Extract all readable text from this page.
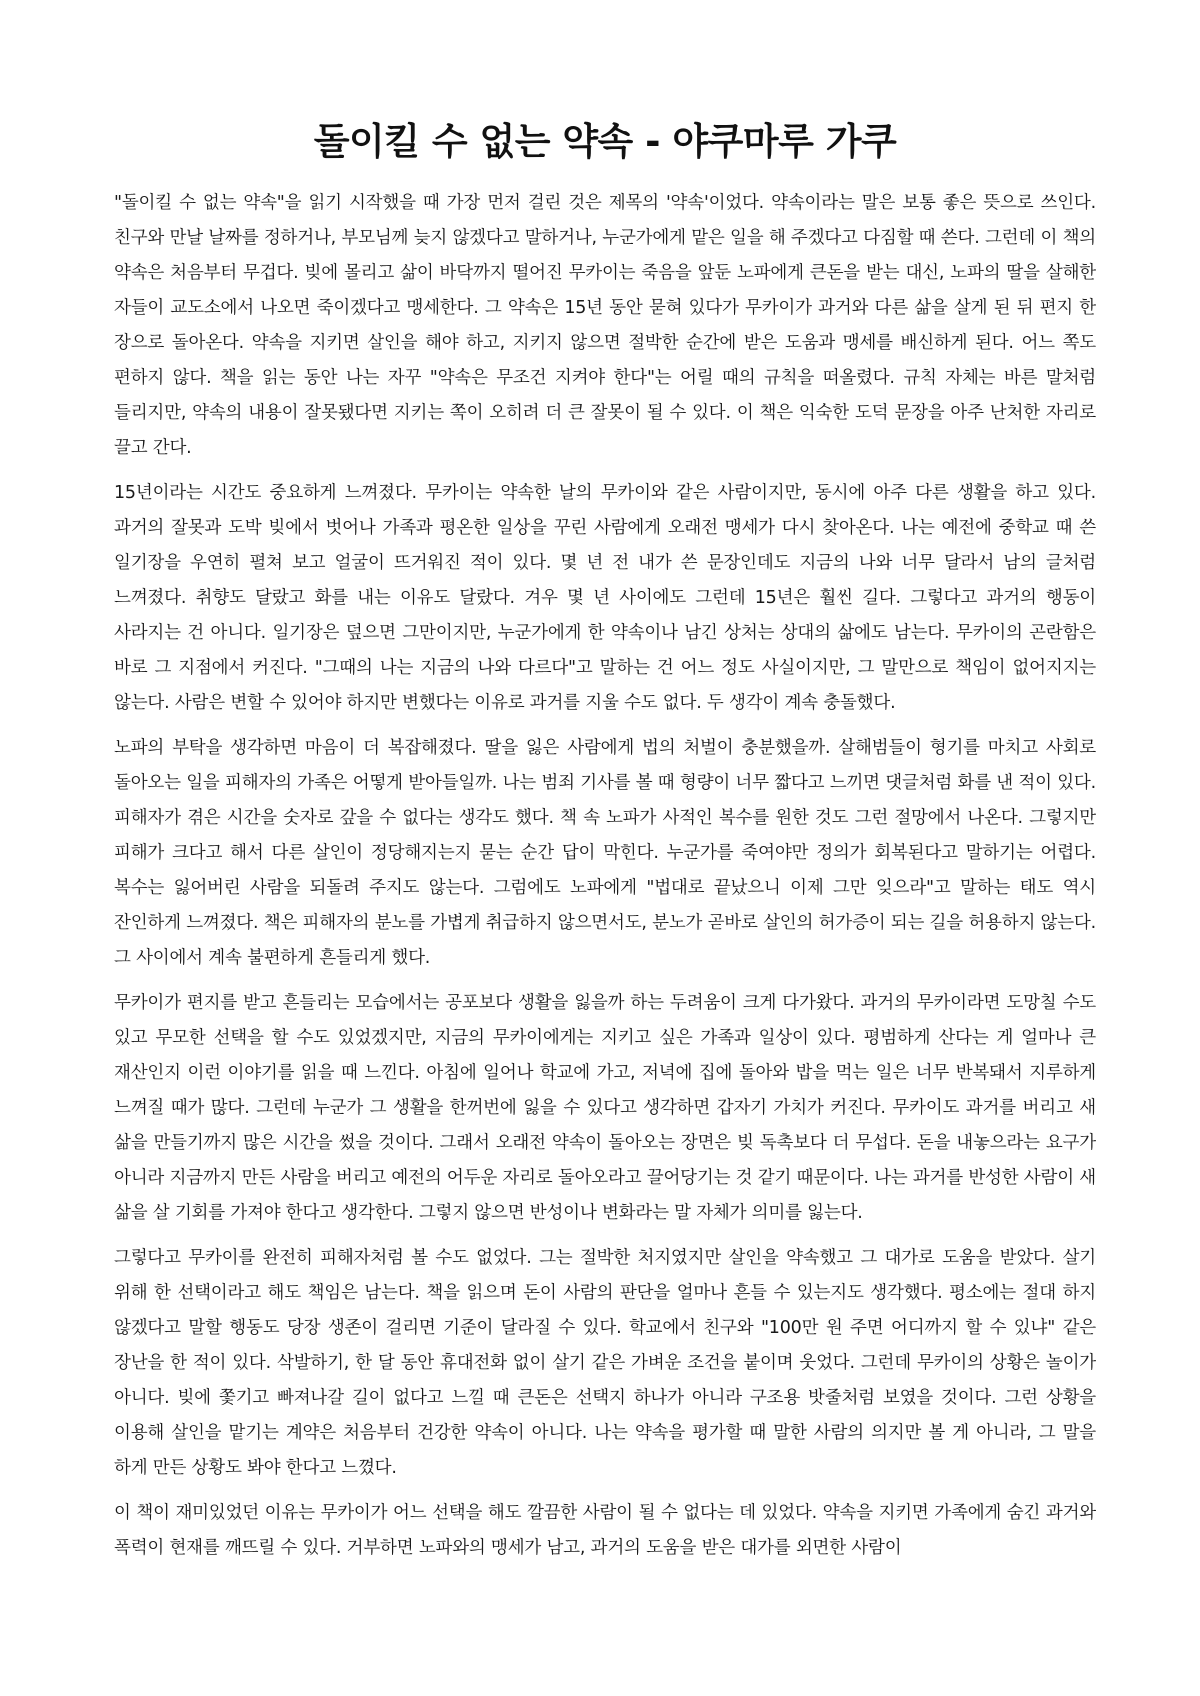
돌이킬 수 없는 약속 - 야쿠마루 가쿠

"돌이킬 수 없는 약속"을 읽기 시작했을 때 가장 먼저 걸린 것은 제목의 '약속'이었다. 약속이라는 말은 보통 좋은 뜻으로 쓰인다. 친구와 만날 날짜를 정하거나, 부모님께 늦지 않겠다고 말하거나, 누군가에게 맡은 일을 해 주겠다고 다짐할 때 쓴다. 그런데 이 책의 약속은 처음부터 무겁다. 빚에 몰리고 삶이 바닥까지 떨어진 무카이는 죽음을 앞둔 노파에게 큰돈을 받는 대신, 노파의 딸을 살해한 자들이 교도소에서 나오면 죽이겠다고 맹세한다. 그 약속은 15년 동안 묻혀 있다가 무카이가 과거와 다른 삶을 살게 된 뒤 편지 한 장으로 돌아온다. 약속을 지키면 살인을 해야 하고, 지키지 않으면 절박한 순간에 받은 도움과 맹세를 배신하게 된다. 어느 쪽도 편하지 않다. 책을 읽는 동안 나는 자꾸 "약속은 무조건 지켜야 한다"는 어릴 때의 규칙을 떠올렸다. 규칙 자체는 바른 말처럼 들리지만, 약속의 내용이 잘못됐다면 지키는 쪽이 오히려 더 큰 잘못이 될 수 있다. 이 책은 익숙한 도덕 문장을 아주 난처한 자리로 끌고 간다.

15년이라는 시간도 중요하게 느껴졌다. 무카이는 약속한 날의 무카이와 같은 사람이지만, 동시에 아주 다른 생활을 하고 있다. 과거의 잘못과 도박 빚에서 벗어나 가족과 평온한 일상을 꾸린 사람에게 오래전 맹세가 다시 찾아온다. 나는 예전에 중학교 때 쓴 일기장을 우연히 펼쳐 보고 얼굴이 뜨거워진 적이 있다. 몇 년 전 내가 쓴 문장인데도 지금의 나와 너무 달라서 남의 글처럼 느껴졌다. 취향도 달랐고 화를 내는 이유도 달랐다. 겨우 몇 년 사이에도 그런데 15년은 훨씬 길다. 그렇다고 과거의 행동이 사라지는 건 아니다. 일기장은 덮으면 그만이지만, 누군가에게 한 약속이나 남긴 상처는 상대의 삶에도 남는다. 무카이의 곤란함은 바로 그 지점에서 커진다. "그때의 나는 지금의 나와 다르다"고 말하는 건 어느 정도 사실이지만, 그 말만으로 책임이 없어지지는 않는다. 사람은 변할 수 있어야 하지만 변했다는 이유로 과거를 지울 수도 없다. 두 생각이 계속 충돌했다.

노파의 부탁을 생각하면 마음이 더 복잡해졌다. 딸을 잃은 사람에게 법의 처벌이 충분했을까. 살해범들이 형기를 마치고 사회로 돌아오는 일을 피해자의 가족은 어떻게 받아들일까. 나는 범죄 기사를 볼 때 형량이 너무 짧다고 느끼면 댓글처럼 화를 낸 적이 있다. 피해자가 겪은 시간을 숫자로 갚을 수 없다는 생각도 했다. 책 속 노파가 사적인 복수를 원한 것도 그런 절망에서 나온다. 그렇지만 피해가 크다고 해서 다른 살인이 정당해지는지 묻는 순간 답이 막힌다. 누군가를 죽여야만 정의가 회복된다고 말하기는 어렵다. 복수는 잃어버린 사람을 되돌려 주지도 않는다. 그럼에도 노파에게 "법대로 끝났으니 이제 그만 잊으라"고 말하는 태도 역시 잔인하게 느껴졌다. 책은 피해자의 분노를 가볍게 취급하지 않으면서도, 분노가 곧바로 살인의 허가증이 되는 길을 허용하지 않는다. 그 사이에서 계속 불편하게 흔들리게 했다.

무카이가 편지를 받고 흔들리는 모습에서는 공포보다 생활을 잃을까 하는 두려움이 크게 다가왔다. 과거의 무카이라면 도망칠 수도 있고 무모한 선택을 할 수도 있었겠지만, 지금의 무카이에게는 지키고 싶은 가족과 일상이 있다. 평범하게 산다는 게 얼마나 큰 재산인지 이런 이야기를 읽을 때 느낀다. 아침에 일어나 학교에 가고, 저녁에 집에 돌아와 밥을 먹는 일은 너무 반복돼서 지루하게 느껴질 때가 많다. 그런데 누군가 그 생활을 한꺼번에 잃을 수 있다고 생각하면 갑자기 가치가 커진다. 무카이도 과거를 버리고 새 삶을 만들기까지 많은 시간을 썼을 것이다. 그래서 오래전 약속이 돌아오는 장면은 빚 독촉보다 더 무섭다. 돈을 내놓으라는 요구가 아니라 지금까지 만든 사람을 버리고 예전의 어두운 자리로 돌아오라고 끌어당기는 것 같기 때문이다. 나는 과거를 반성한 사람이 새 삶을 살 기회를 가져야 한다고 생각한다. 그렇지 않으면 반성이나 변화라는 말 자체가 의미를 잃는다.

그렇다고 무카이를 완전히 피해자처럼 볼 수도 없었다. 그는 절박한 처지였지만 살인을 약속했고 그 대가로 도움을 받았다. 살기 위해 한 선택이라고 해도 책임은 남는다. 책을 읽으며 돈이 사람의 판단을 얼마나 흔들 수 있는지도 생각했다. 평소에는 절대 하지 않겠다고 말할 행동도 당장 생존이 걸리면 기준이 달라질 수 있다. 학교에서 친구와 "100만 원 주면 어디까지 할 수 있냐" 같은 장난을 한 적이 있다. 삭발하기, 한 달 동안 휴대전화 없이 살기 같은 가벼운 조건을 붙이며 웃었다. 그런데 무카이의 상황은 놀이가 아니다. 빚에 쫓기고 빠져나갈 길이 없다고 느낄 때 큰돈은 선택지 하나가 아니라 구조용 밧줄처럼 보였을 것이다. 그런 상황을 이용해 살인을 맡기는 계약은 처음부터 건강한 약속이 아니다. 나는 약속을 평가할 때 말한 사람의 의지만 볼 게 아니라, 그 말을 하게 만든 상황도 봐야 한다고 느꼈다.

이 책이 재미있었던 이유는 무카이가 어느 선택을 해도 깔끔한 사람이 될 수 없다는 데 있었다. 약속을 지키면 가족에게 숨긴 과거와 폭력이 현재를 깨뜨릴 수 있다. 거부하면 노파와의 맹세가 남고, 과거의 도움을 받은 대가를 외면한 사람이
